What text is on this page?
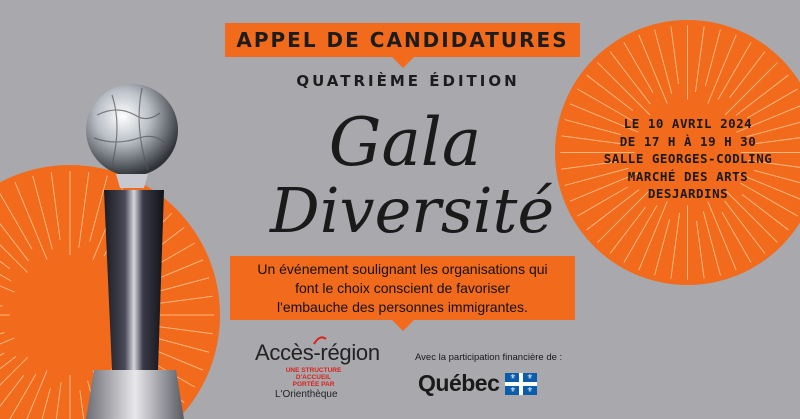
APPEL DE CANDIDATURES
QUATRIÈME ÉDITION
Gala
Diversité
Un événement soulignant les organisations qui
font le choix conscient de favoriser
l'embauche des personnes immigrantes.
LE 10 AVRIL 2024
DE 17 H À 19 H 30
SALLE GEORGES-CODLING
MARCHÉ DES ARTS
DESJARDINS
Accès-région
UNE STRUCTURE D'ACCUEIL
PORTÉE PAR
L'Orienthèque
Avec la participation financière de :
Québec ⚜ ⚜
⚜ ⚜
